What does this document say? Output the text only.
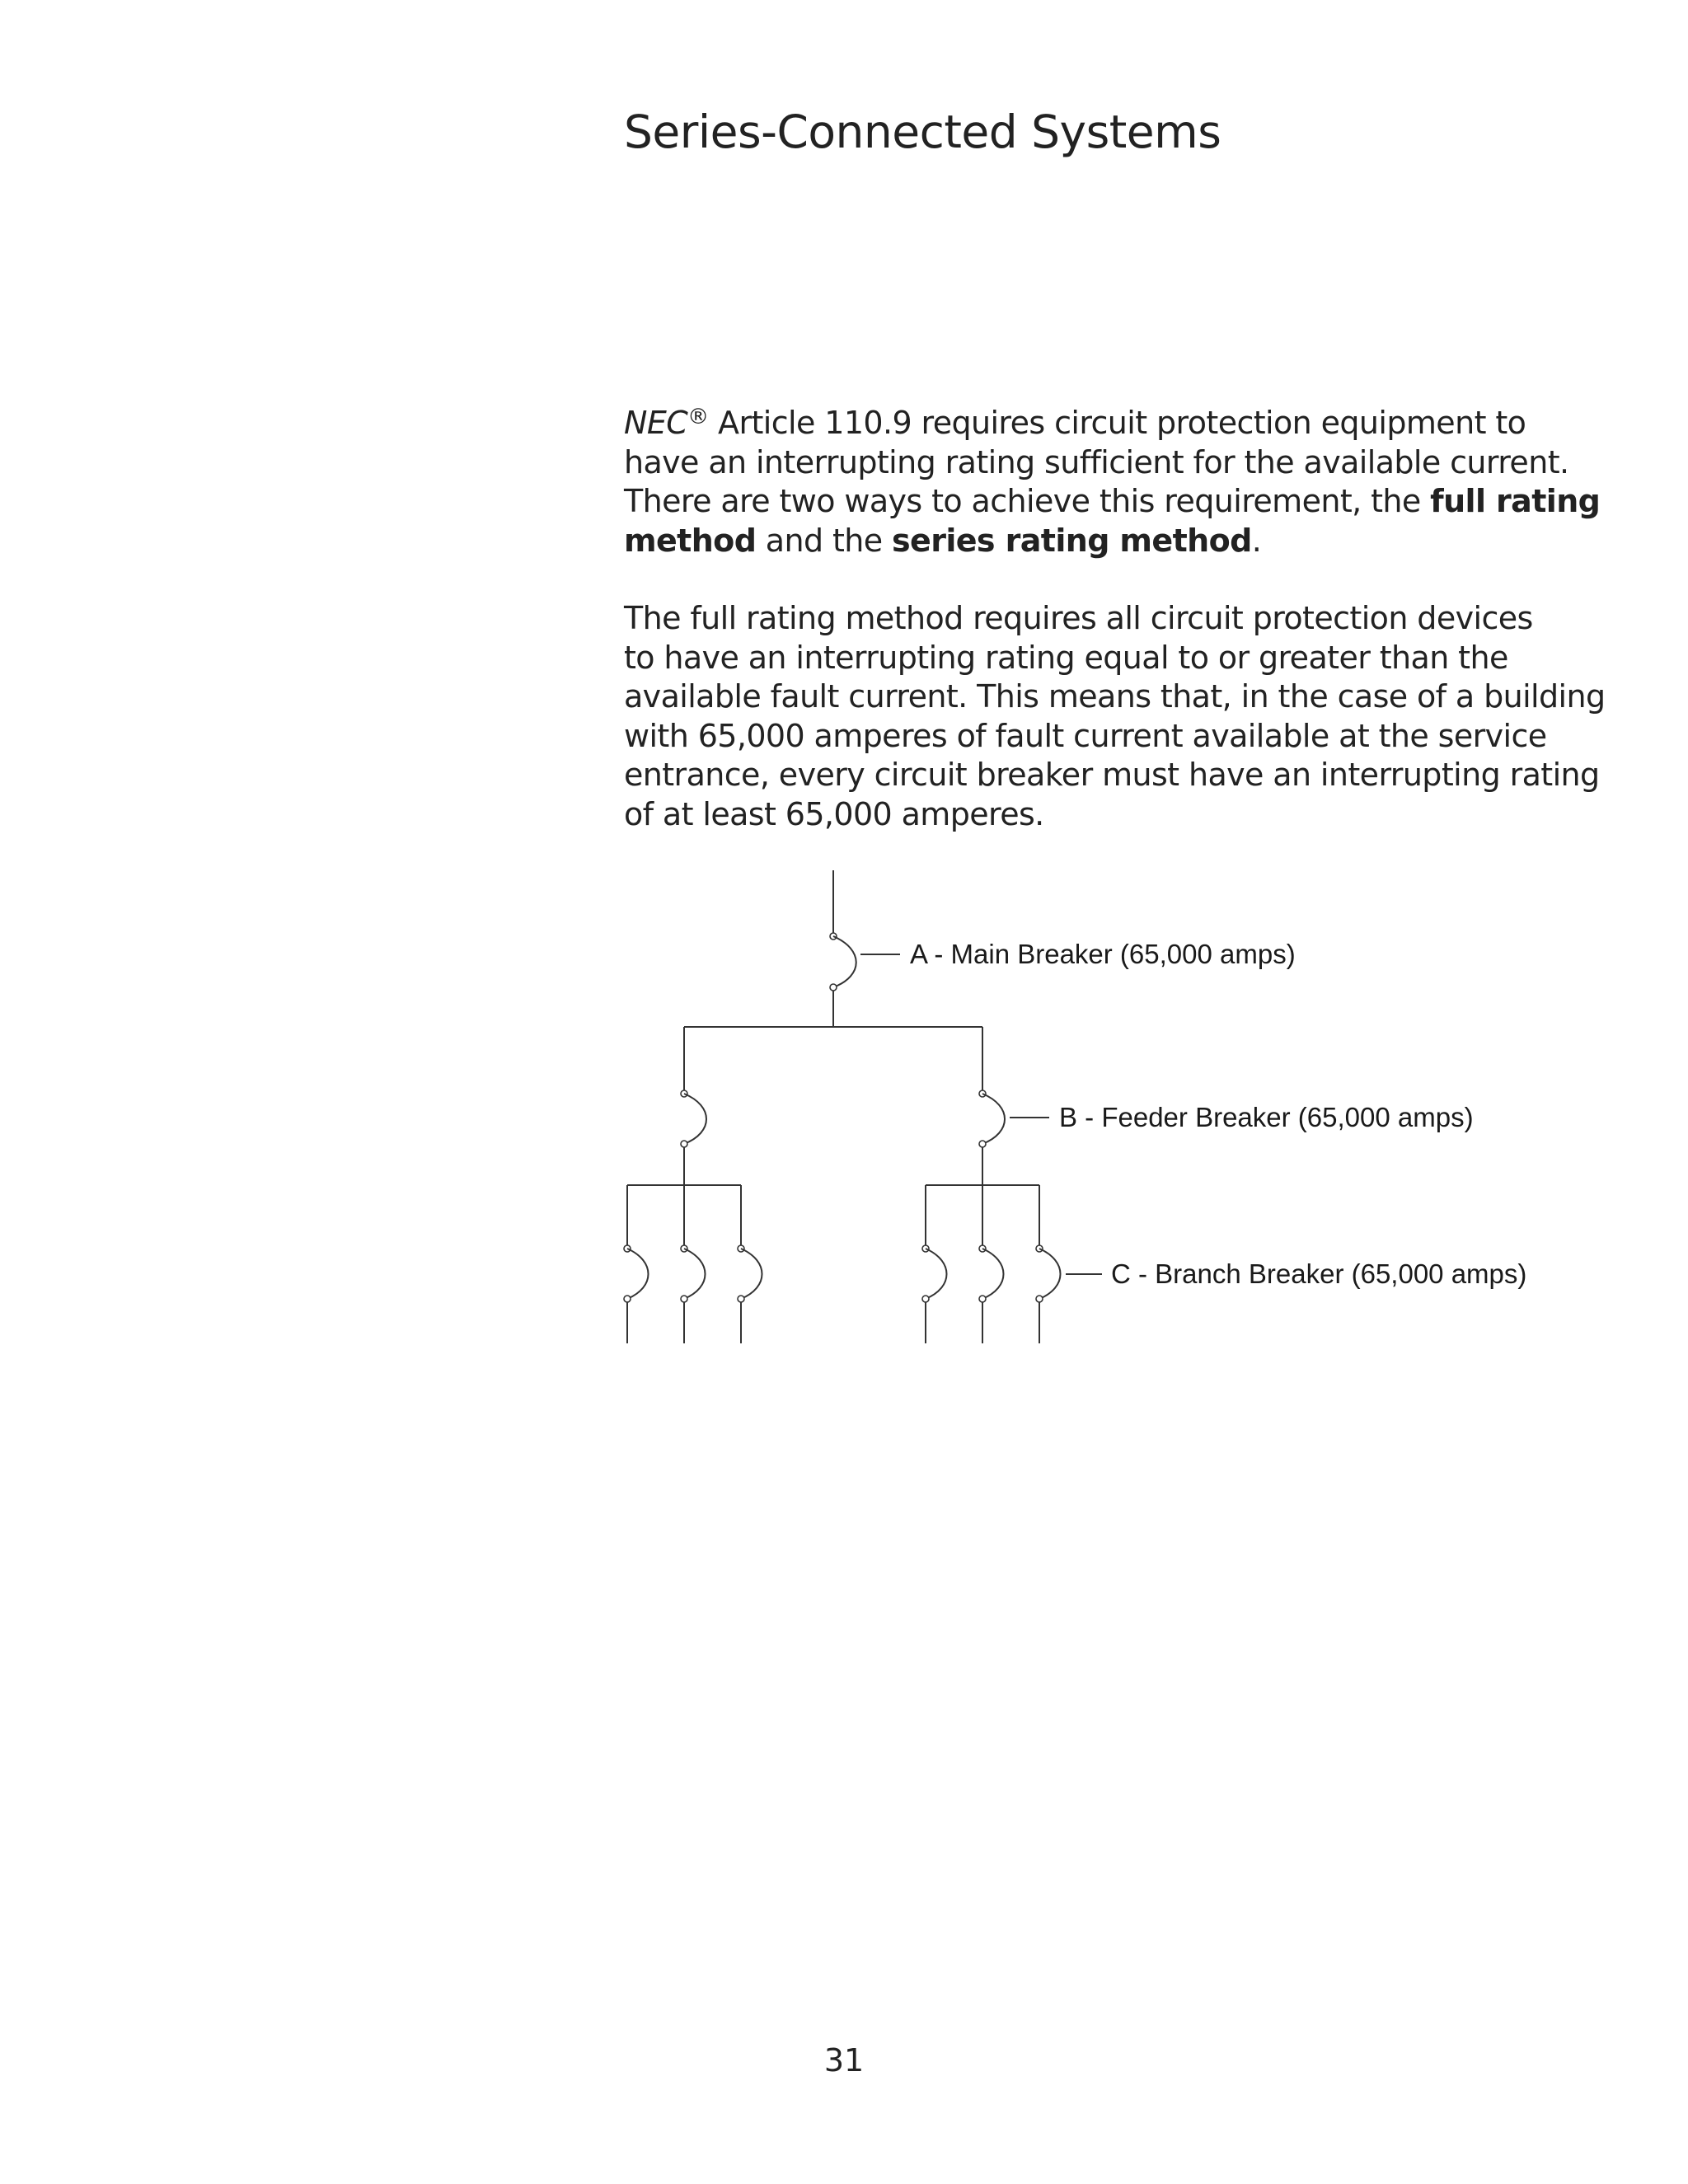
Series-Connected Systems

NEC® Article 110.9 requires circuit protection equipment to
have an interrupting rating sufficient for the available current.
There are two ways to achieve this requirement, the full rating
method and the series rating method.

The full rating method requires all circuit protection devices
to have an interrupting rating equal to or greater than the
available fault current. This means that, in the case of a building
with 65,000 amperes of fault current available at the service
entrance, every circuit breaker must have an interrupting rating
of at least 65,000 amperes.

A - Main Breaker (65,000 amps)
B - Feeder Breaker (65,000 amps)
C - Branch Breaker (65,000 amps)
31
